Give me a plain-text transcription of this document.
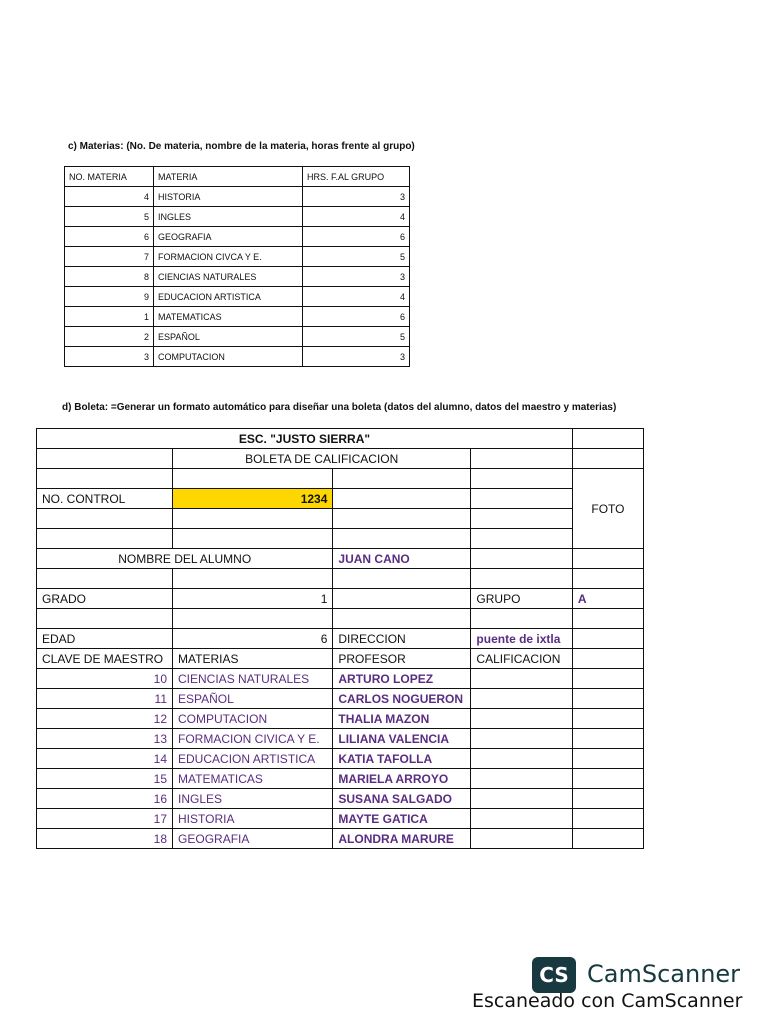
c) Materias: (No. De materia, nombre de la materia, horas frente al grupo)
NO. MATERIA	MATERIA	HRS. F.AL GRUPO
4	HISTORIA	3
5	INGLES	4
6	GEOGRAFIA	6
7	FORMACION CIVCA Y E.	5
8	CIENCIAS NATURALES	3
9	EDUCACION ARTISTICA	4
1	MATEMATICAS	6
2	ESPAÑOL	5
3	COMPUTACION	3
d) Boleta: =Generar un formato automático para diseñar una boleta (datos del alumno, datos del maestro y materias)
ESC. "JUSTO SIERRA"				
	BOLETA DE CALIFICACION			
				FOTO
NO. CONTROL	1234			

NOMBRE DEL ALUMNO		JUAN CANO		

GRADO	1		GRUPO	A

EDAD	6	DIRECCION	puente de ixtla	
CLAVE DE MAESTRO	MATERIAS	PROFESOR	CALIFICACION	
10	CIENCIAS NATURALES	ARTURO LOPEZ		
11	ESPAÑOL	CARLOS NOGUERON		
12	COMPUTACION	THALIA MAZON		
13	FORMACION CIVICA Y E.	LILIANA VALENCIA		
14	EDUCACION ARTISTICA	KATIA TAFOLLA		
15	MATEMATICAS	MARIELA ARROYO		
16	INGLES	SUSANA SALGADO		
17	HISTORIA	MAYTE GATICA		
18	GEOGRAFIA	ALONDRA MARURE		
CS CamScanner
Escaneado con CamScanner
